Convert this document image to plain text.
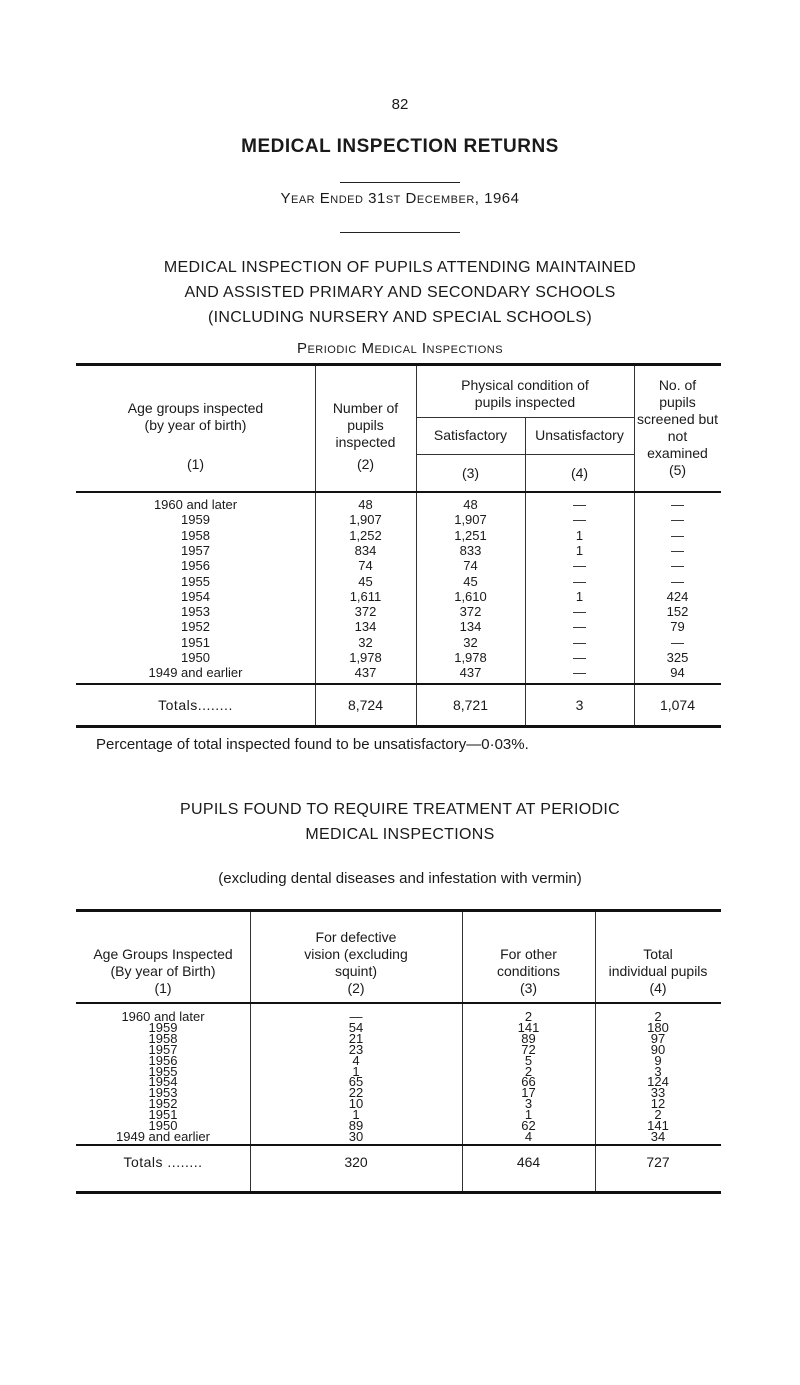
82
MEDICAL INSPECTION RETURNS
Year Ended 31st December, 1964
MEDICAL INSPECTION OF PUPILS ATTENDING MAINTAINED
AND ASSISTED PRIMARY AND SECONDARY SCHOOLS
(INCLUDING NURSERY AND SPECIAL SCHOOLS)
Periodic Medical Inspections
Age groups inspected
(by year of birth)
(1)
Number of
pupils
inspected
(2)
Physical condition of
pupils inspected
Satisfactory	Unsatisfactory
(3)	(4)
No. of
pupils
screened but
not
examined
(5)
1960 and later	48	48	—	—
1959	1,907	1,907	—	—
1958	1,252	1,251	1	—
1957	834	833	1	—
1956	74	74	—	—
1955	45	45	—	—
1954	1,611	1,610	1	424
1953	372	372	—	152
1952	134	134	—	79
1951	32	32	—	—
1950	1,978	1,978	—	325
1949 and earlier	437	437	—	94
Totals........	8,724	8,721	3	1,074
Percentage of total inspected found to be unsatisfactory—0·03%.
PUPILS FOUND TO REQUIRE TREATMENT AT PERIODIC
MEDICAL INSPECTIONS
(excluding dental diseases and infestation with vermin)
Age Groups Inspected
(By year of Birth)
(1)
For defective
vision (excluding
squint)
(2)
For other
conditions
(3)
Total
individual pupils
(4)
1960 and later	—	2	2
1959	54	141	180
1958	21	89	97
1957	23	72	90
1956	4	5	9
1955	1	2	3
1954	65	66	124
1953	22	17	33
1952	10	3	12
1951	1	1	2
1950	89	62	141
1949 and earlier	30	4	34
Totals ........	320	464	727
